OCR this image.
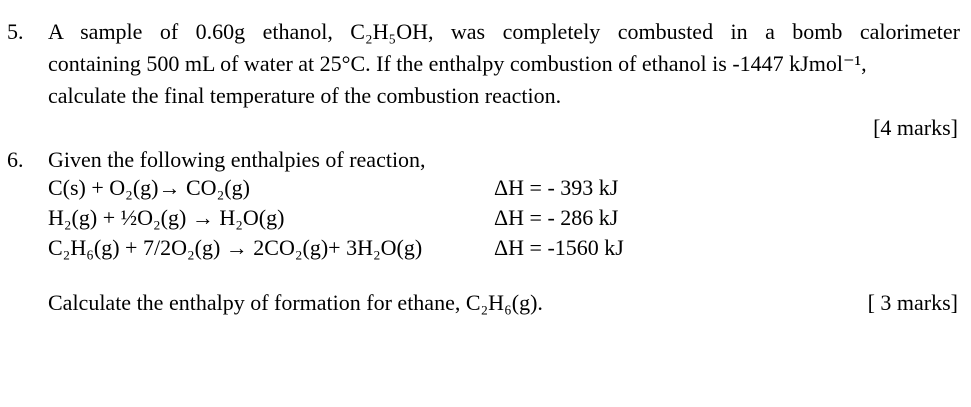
5. A sample of 0.60g ethanol, C₂H₅OH, was completely combusted in a bomb calorimeter
containing 500 mL of water at 25°C. If the enthalpy combustion of ethanol is -1447 kJmol⁻¹,
calculate the final temperature of the combustion reaction.
[4 marks]
6. Given the following enthalpies of reaction,
C(s) + O₂(g)→ CO₂(g)	ΔH = - 393 kJ
H₂(g) + ½O₂(g) → H₂O(g)	ΔH = - 286 kJ
C₂H₆(g) + 7/2O₂(g) → 2CO₂(g)+ 3H₂O(g)	ΔH = -1560 kJ
Calculate the enthalpy of formation for ethane, C₂H₆(g).	[ 3 marks]
